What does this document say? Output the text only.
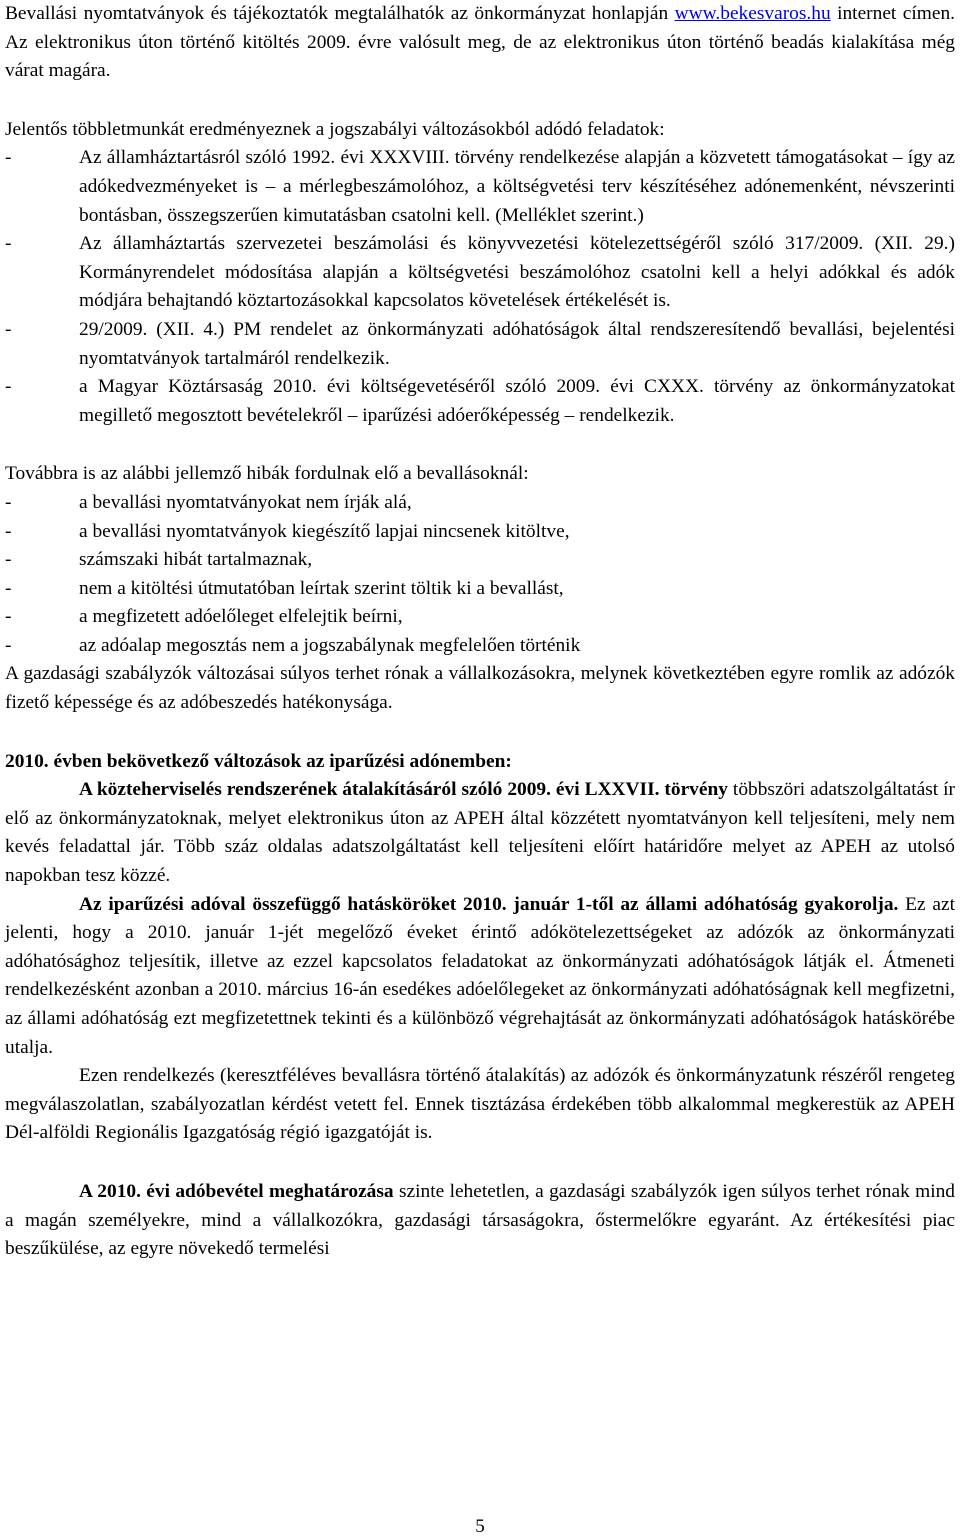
Bevallási nyomtatványok és tájékoztatók megtalálhatók az önkormányzat honlapján www.bekesvaros.hu internet címen. Az elektronikus úton történő kitöltés 2009. évre valósult meg, de az elektronikus úton történő beadás kialakítása még várat magára.

Jelentős többletmunkát eredményeznek a jogszabályi változásokból adódó feladatok:

- Az államháztartásról szóló 1992. évi XXXVIII. törvény rendelkezése alapján a közvetett támogatásokat – így az adókedvezményeket is – a mérlegbeszámolóhoz, a költségvetési terv készítéséhez adónemenként, névszerinti bontásban, összegszerűen kimutatásban csatolni kell. (Melléklet szerint.)
- Az államháztartás szervezetei beszámolási és könyvvezetési kötelezettségéről szóló 317/2009. (XII. 29.) Kormányrendelet módosítása alapján a költségvetési beszámolóhoz csatolni kell a helyi adókkal és adók módjára behajtandó köztartozásokkal kapcsolatos követelések értékelését is.
- 29/2009. (XII. 4.) PM rendelet az önkormányzati adóhatóságok által rendszeresítendő bevallási, bejelentési nyomtatványok tartalmáról rendelkezik.
- a Magyar Köztársaság 2010. évi költségevetéséről szóló 2009. évi CXXX. törvény az önkormányzatokat megillető megosztott bevételekről – iparűzési adóerőképesség – rendelkezik.

Továbbra is az alábbi jellemző hibák fordulnak elő a bevallásoknál:

- a bevallási nyomtatványokat nem írják alá,
- a bevallási nyomtatványok kiegészítő lapjai nincsenek kitöltve,
- számszaki hibát tartalmaznak,
- nem a kitöltési útmutatóban leírtak szerint töltik ki a bevallást,
- a megfizetett adóelőleget elfelejtik beírni,
- az adóalap megosztás nem a jogszabálynak megfelelően történik

A gazdasági szabályzók változásai súlyos terhet rónak a vállalkozásokra, melynek következtében egyre romlik az adózók fizető képessége és az adóbeszedés hatékonysága.

2010. évben bekövetkező változások az iparűzési adónemben:

A közteherviselés rendszerének átalakításáról szóló 2009. évi LXXVII. törvény többszöri adatszolgáltatást ír elő az önkormányzatoknak, melyet elektronikus úton az APEH által közzétett nyomtatványon kell teljesíteni, mely nem kevés feladattal jár. Több száz oldalas adatszolgáltatást kell teljesíteni előírt határidőre melyet az APEH az utolsó napokban tesz közzé.

Az iparűzési adóval összefüggő hatásköröket 2010. január 1-től az állami adóhatóság gyakorolja. Ez azt jelenti, hogy a 2010. január 1-jét megelőző éveket érintő adókötelezettségeket az adózók az önkormányzati adóhatósághoz teljesítik, illetve az ezzel kapcsolatos feladatokat az önkormányzati adóhatóságok látják el. Átmeneti rendelkezésként azonban a 2010. március 16-án esedékes adóelőlegeket az önkormányzati adóhatóságnak kell megfizetni, az állami adóhatóság ezt megfizetettnek tekinti és a különböző végrehajtását az önkormányzati adóhatóságok hatáskörébe utalja.

Ezen rendelkezés (keresztféléves bevallásra történő átalakítás) az adózók és önkormányzatunk részéről rengeteg megválaszolatlan, szabályozatlan kérdést vetett fel. Ennek tisztázása érdekében több alkalommal megkerestük az APEH Dél-alföldi Regionális Igazgatóság régió igazgatóját is.

A 2010. évi adóbevétel meghatározása szinte lehetetlen, a gazdasági szabályzók igen súlyos terhet rónak mind a magán személyekre, mind a vállalkozókra, gazdasági társaságokra, őstermelőkre egyaránt. Az értékesítési piac beszűkülése, az egyre növekedő termelési

5
